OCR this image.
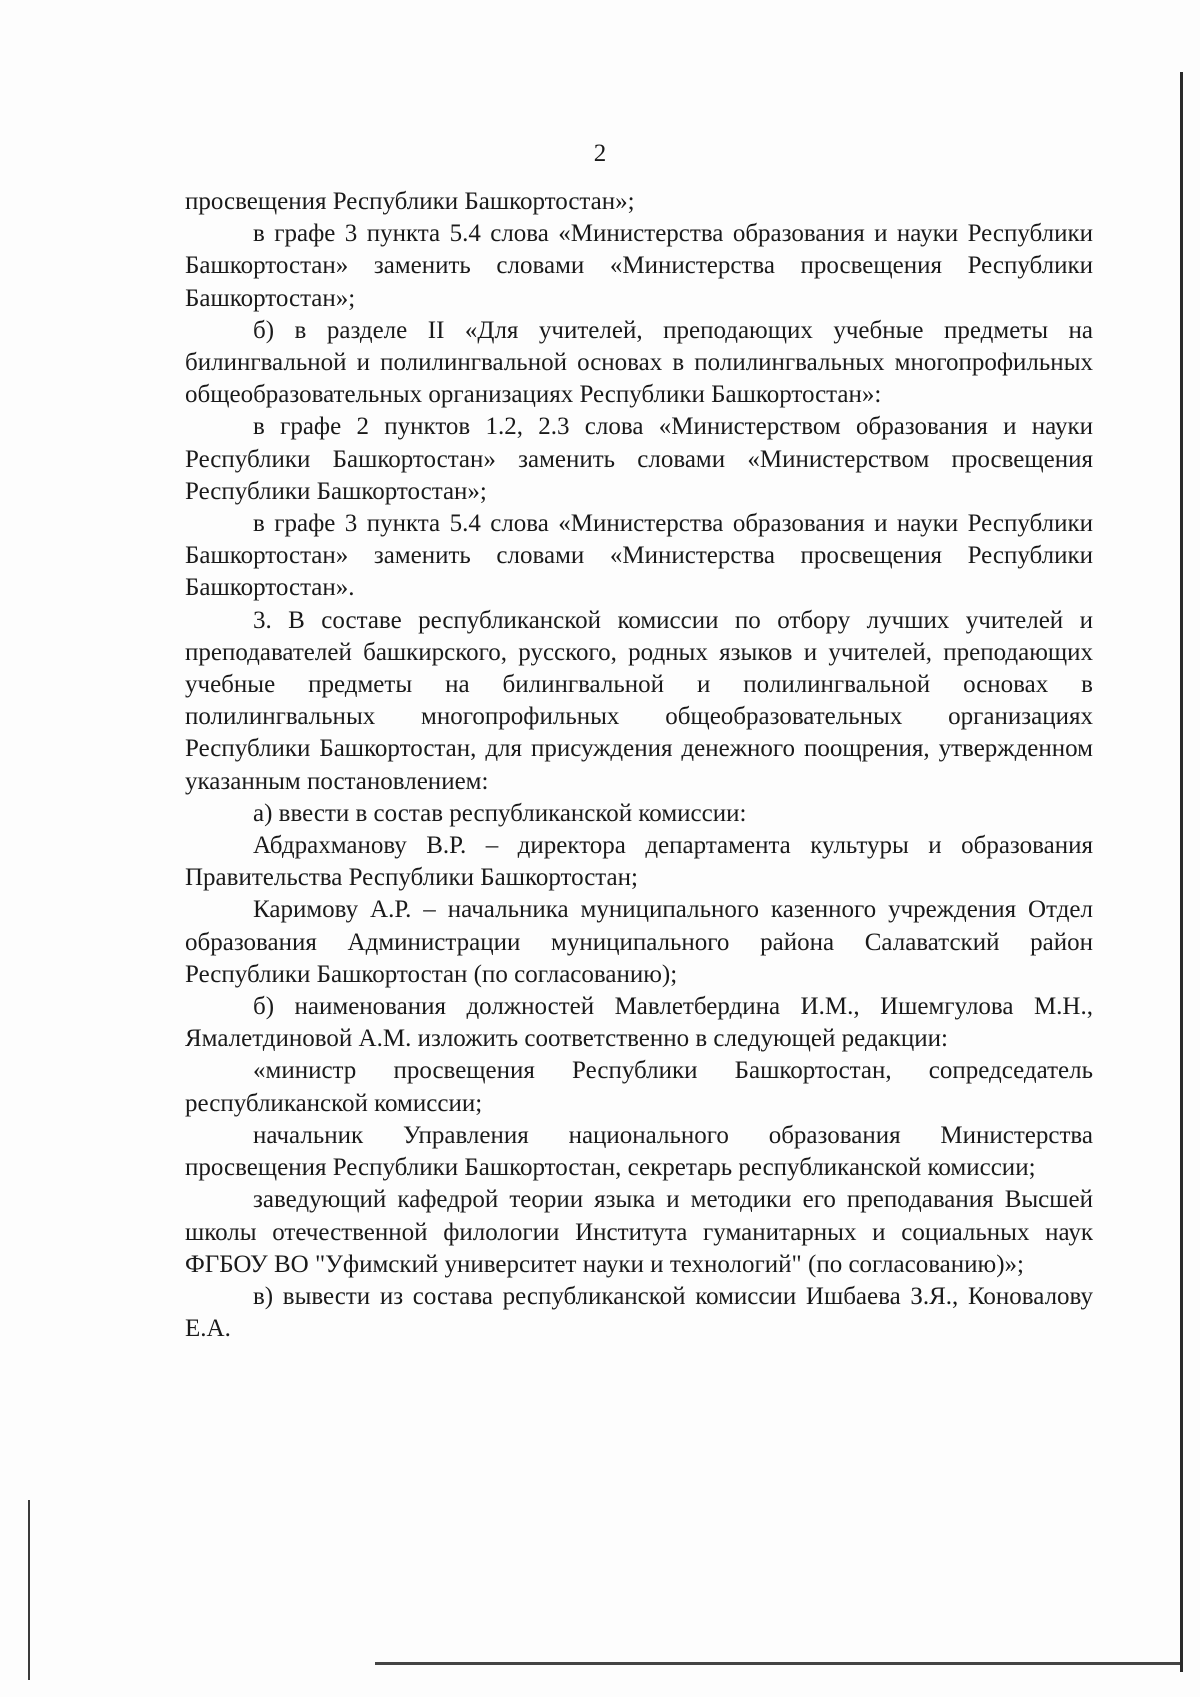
2

просвещения Республики Башкортостан»;

в графе 3 пункта 5.4 слова «Министерства образования и науки Республики Башкортостан» заменить словами «Министерства просвещения Республики Башкортостан»;

б) в разделе II «Для учителей, преподающих учебные предметы на билингвальной и полилингвальной основах в полилингвальных многопрофильных общеобразовательных организациях Республики Башкортостан»:

в графе 2 пунктов 1.2, 2.3 слова «Министерством образования и науки Республики Башкортостан» заменить словами «Министерством просвещения Республики Башкортостан»;

в графе 3 пункта 5.4 слова «Министерства образования и науки Республики Башкортостан» заменить словами «Министерства просвещения Республики Башкортостан».

3. В составе республиканской комиссии по отбору лучших учителей и преподавателей башкирского, русского, родных языков и учителей, преподающих учебные предметы на билингвальной и полилингвальной основах в полилингвальных многопрофильных общеобразовательных организациях Республики Башкортостан, для присуждения денежного поощрения, утвержденном указанным постановлением:

а) ввести в состав республиканской комиссии:

Абдрахманову В.Р. – директора департамента культуры и образования Правительства Республики Башкортостан;

Каримову А.Р. – начальника муниципального казенного учреждения Отдел образования Администрации муниципального района Салаватский район Республики Башкортостан (по согласованию);

б) наименования должностей Мавлетбердина И.М., Ишемгулова М.Н., Ямалетдиновой А.М. изложить соответственно в следующей редакции:

«министр просвещения Республики Башкортостан, сопредседатель республиканской комиссии;

начальник Управления национального образования Министерства просвещения Республики Башкортостан, секретарь республиканской комиссии;

заведующий кафедрой теории языка и методики его преподавания Высшей школы отечественной филологии Института гуманитарных и социальных наук ФГБОУ ВО "Уфимский университет науки и технологий" (по согласованию)»;

в) вывести из состава республиканской комиссии Ишбаева З.Я., Коновалову Е.А.
